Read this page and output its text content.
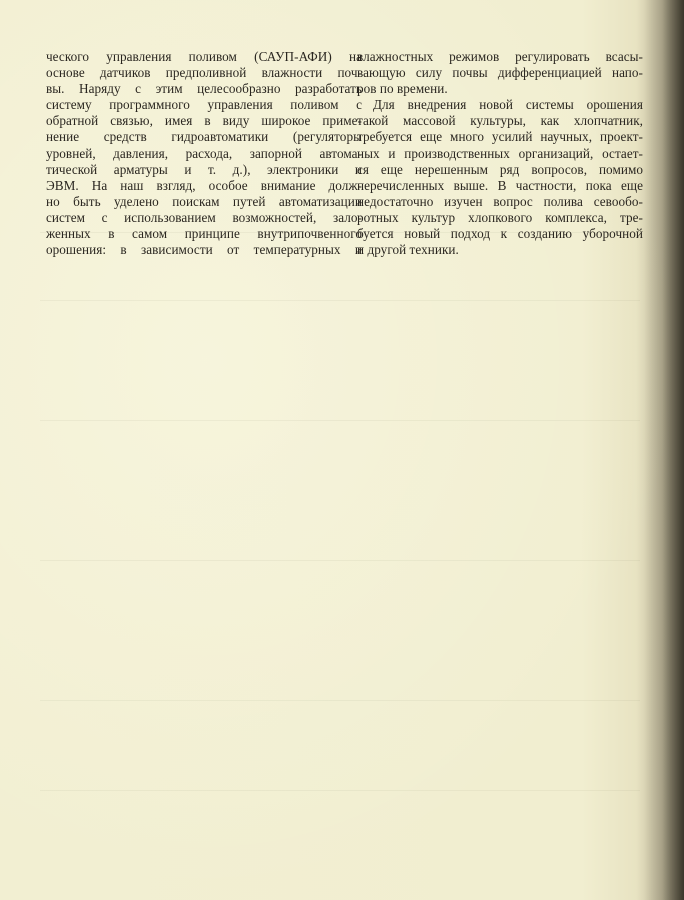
ческого управления поливом (САУП-АФИ) на
основе датчиков предполивной влажности поч-
вы. Наряду с этим целесообразно разработать
систему программного управления поливом с
обратной связью, имея в виду широкое приме-
нение средств гидроавтоматики (регуляторы
уровней, давления, расхода, запорной автома-
тической арматуры и т. д.), электроники и
ЭВМ. На наш взгляд, особое внимание долж-
но быть уделено поискам путей автоматизации
систем с использованием возможностей, зало-
женных в самом принципе внутрипочвенного
орошения: в зависимости от температурных и

влажностных режимов регулировать всасы-
вающую силу почвы дифференциацией напо-
ров по времени.

Для внедрения новой системы орошения
такой массовой культуры, как хлопчатник,
требуется еще много усилий научных, проект-
ных и производственных организаций, остает-
ся еще нерешенным ряд вопросов, помимо
перечисленных выше. В частности, пока еще
недостаточно изучен вопрос полива севообо-
ротных культур хлопкового комплекса, тре-
буется новый подход к созданию уборочной
и другой техники.
